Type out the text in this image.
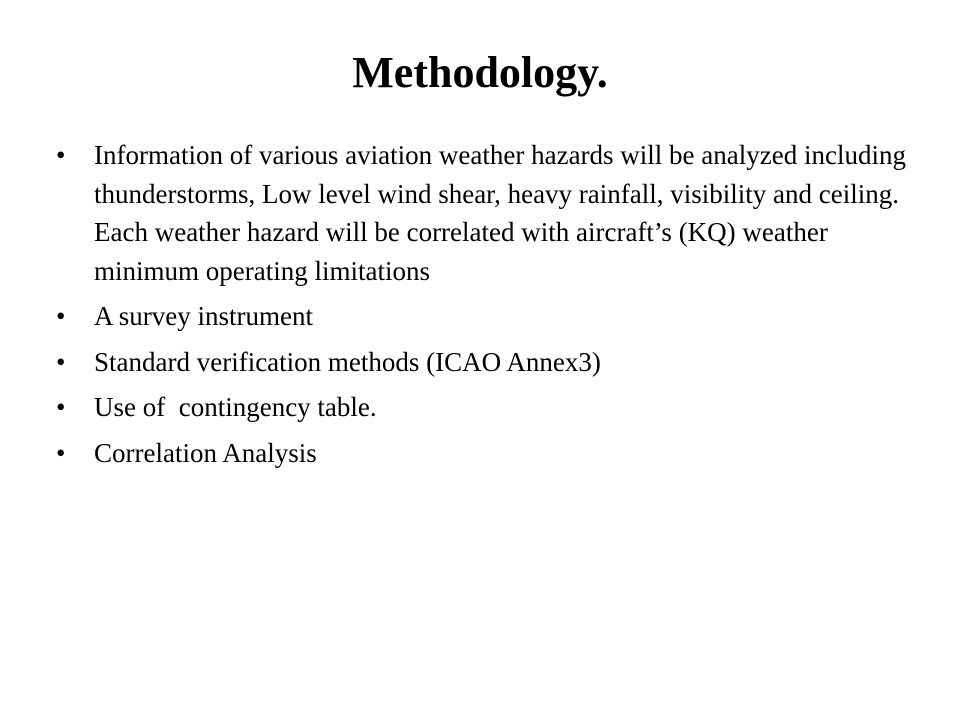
Methodology.
•	Information of various aviation weather hazards will be analyzed including thunderstorms, Low level wind shear, heavy rainfall, visibility and ceiling. Each weather hazard will be correlated with aircraft’s (KQ) weather minimum operating limitations
•	A survey instrument
•	Standard verification methods (ICAO Annex3)
•	Use of  contingency table.
•	Correlation Analysis
